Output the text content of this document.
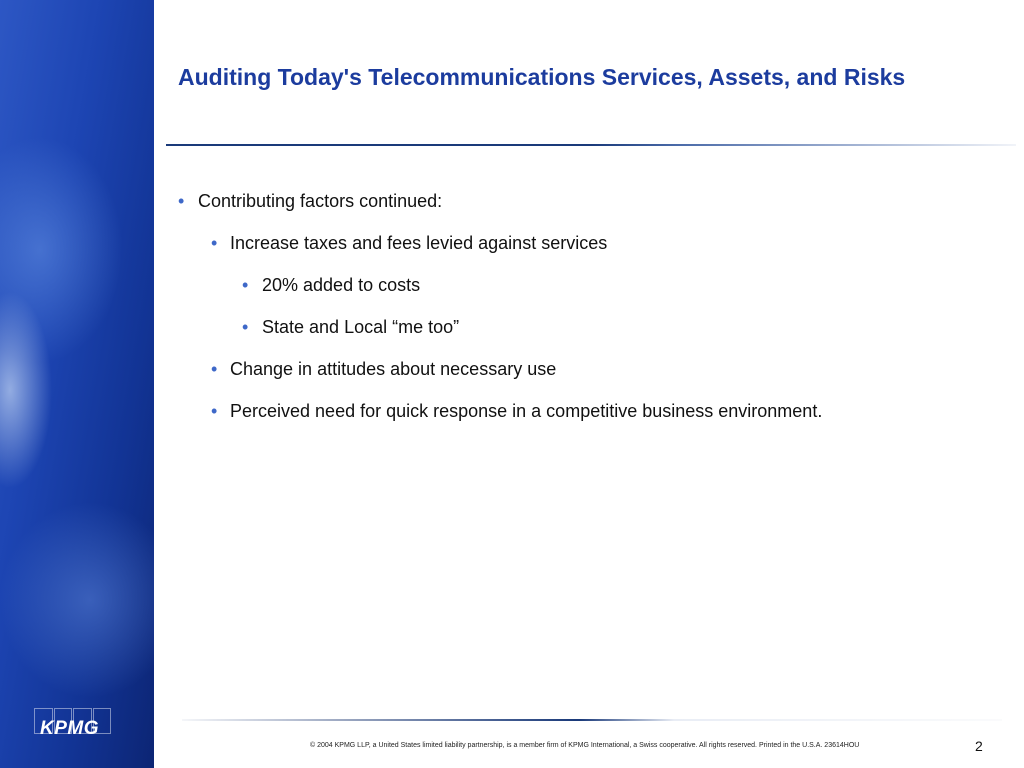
KPMG
Auditing Today's Telecommunications Services, Assets, and Risks
• Contributing factors continued:
• Increase taxes and fees levied against services
• 20% added to costs
• State and Local “me too”
• Change in attitudes about necessary use
• Perceived need for quick response in a competitive business environment.
© 2004 KPMG LLP, a United States limited liability partnership, is a member firm of KPMG International, a Swiss cooperative. All rights reserved. Printed in the U.S.A. 23614HOU	2
